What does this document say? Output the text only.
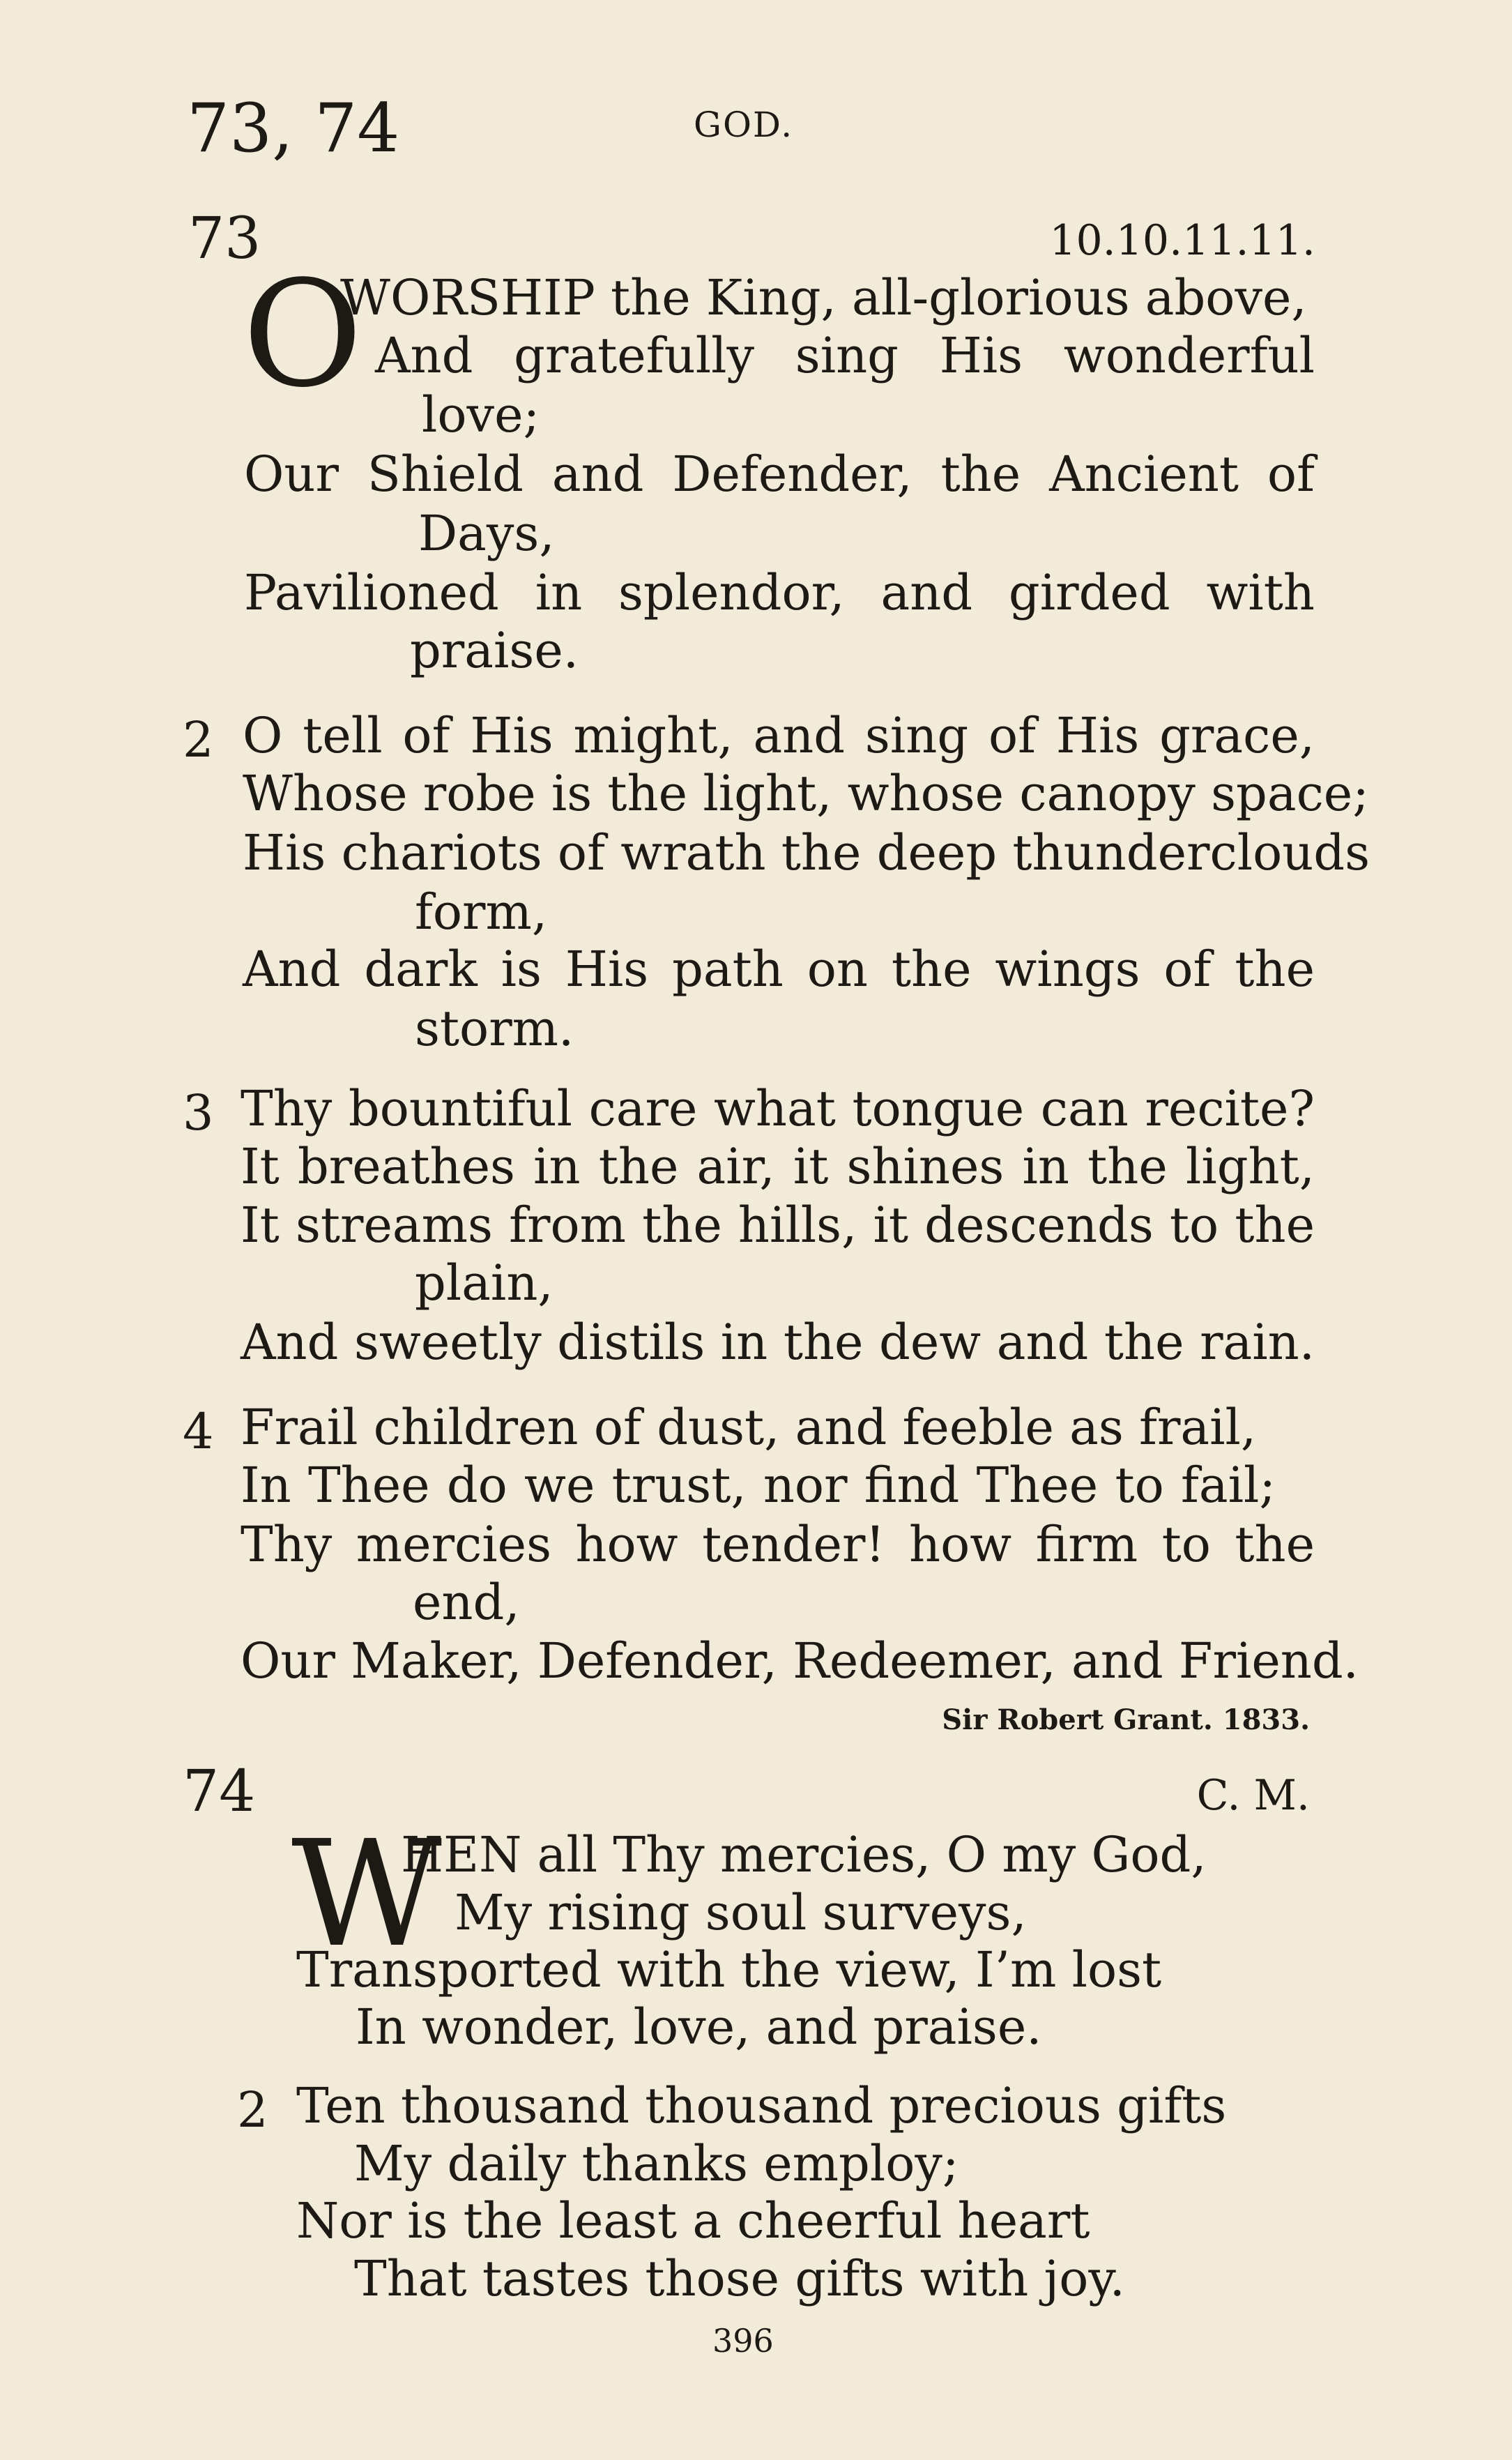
73, 74	GOD.
73	10.10.11.11.
O
WORSHIP the King, all-glorious above,
And gratefully sing His wonderful
love;
Our Shield and Defender, the Ancient of
Days,
Pavilioned in splendor, and girded with
praise.
2 O tell of His might, and sing of His grace,
Whose robe is the light, whose canopy space;
His chariots of wrath the deep thunderclouds
form,
And dark is His path on the wings of the
storm.
3 Thy bountiful care what tongue can recite?
It breathes in the air, it shines in the light,
It streams from the hills, it descends to the
plain,
And sweetly distils in the dew and the rain.
4 Frail children of dust, and feeble as frail,
In Thee do we trust, nor find Thee to fail;
Thy mercies how tender! how firm to the
end,
Our Maker, Defender, Redeemer, and Friend.
Sir Robert Grant. 1833.
74	C. M.
W
HEN all Thy mercies, O my God,
My rising soul surveys,
Transported with the view, I’m lost
In wonder, love, and praise.
2 Ten thousand thousand precious gifts
My daily thanks employ;
Nor is the least a cheerful heart
That tastes those gifts with joy.
396
